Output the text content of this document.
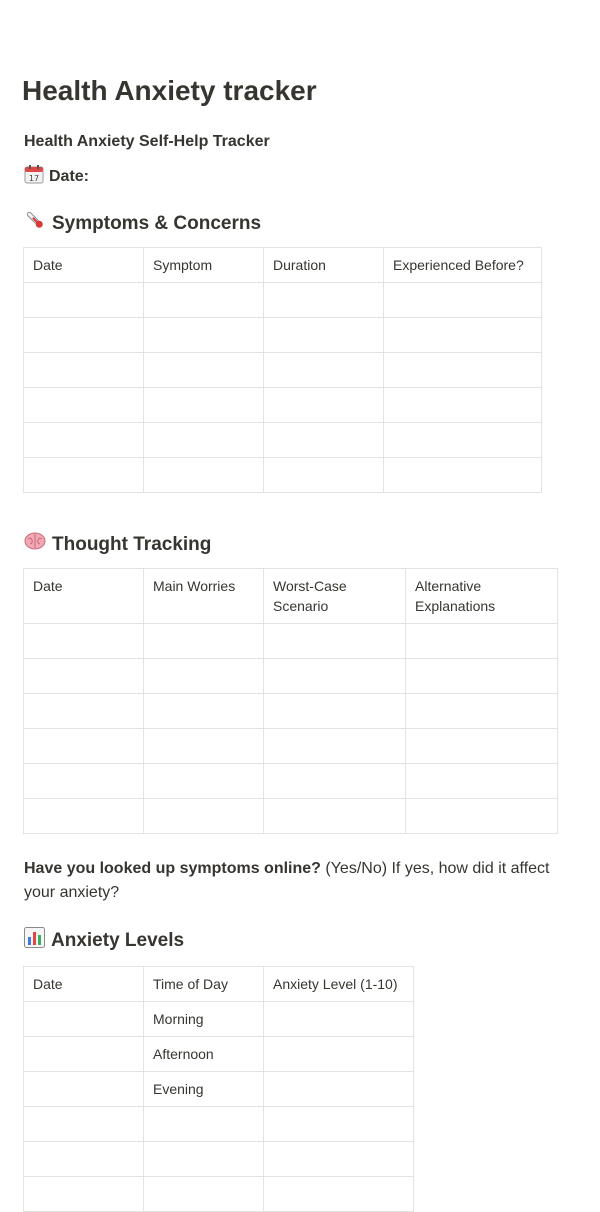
Health Anxiety tracker
Health Anxiety Self-Help Tracker
17 Date:
Symptoms & Concerns
Date	Symptom	Duration	Experienced Before?

Thought Tracking
Date	Main Worries	Worst-Case Scenario	Alternative Explanations

Have you looked up symptoms online? (Yes/No) If yes, how did it affect your anxiety?

Anxiety Levels
Date	Time of Day	Anxiety Level (1-10)
	Morning	
	Afternoon	
	Evening	
